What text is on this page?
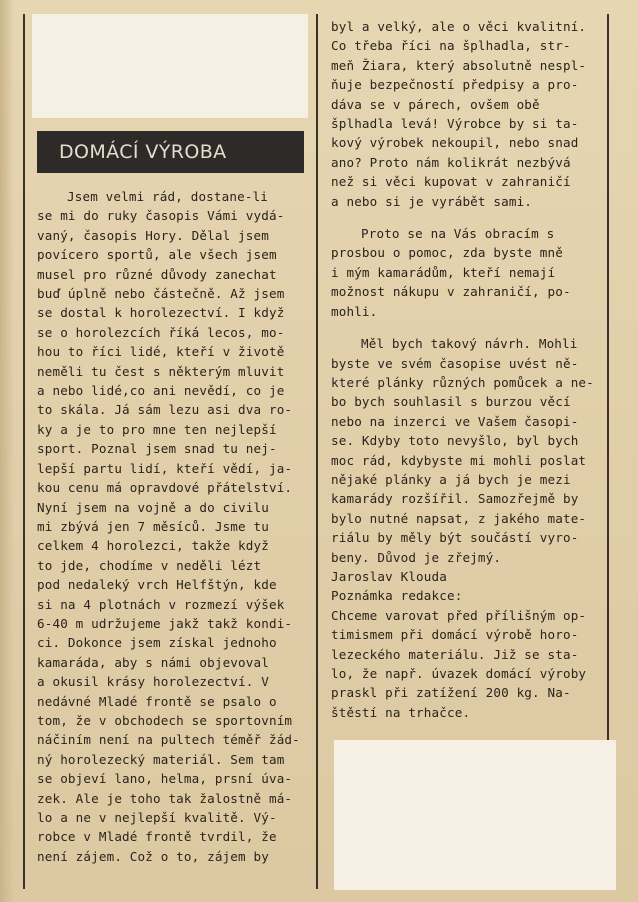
DOMÁCÍ VÝROBA
Jsem velmi rád, dostane-li
se mi do ruky časopis Vámi vydá-
vaný, časopis Hory. Dělal jsem
povícero sportů, ale všech jsem
musel pro různé důvody zanechat
buď úplně nebo částečně. Až jsem
se dostal k horolezectví. I když
se o horolezcích říká lecos, mo-
hou to říci lidé, kteří v životě
neměli tu čest s některým mluvit
a nebo lidé,co ani nevědí, co je
to skála. Já sám lezu asi dva ro-
ky a je to pro mne ten nejlepší
sport. Poznal jsem snad tu nej-
lepší partu lidí, kteří vědí, ja-
kou cenu má opravdové přátelství.
Nyní jsem na vojně a do civilu
mi zbývá jen 7 měsíců. Jsme tu
celkem 4 horolezci, takže když
to jde, chodíme v neděli lézt
pod nedaleký vrch Helfštýn, kde
si na 4 plotnách v rozmezí výšek
6-40 m udržujeme jakž takž kondi-
ci. Dokonce jsem získal jednoho
kamaráda, aby s námi objevoval
a okusil krásy horolezectví. V
nedávné Mladé frontě se psalo o
tom, že v obchodech se sportovním
náčiním není na pultech téměř žád-
ný horolezecký materiál. Sem tam
se objeví lano, helma, prsní úva-
zek. Ale je toho tak žalostně má-
lo a ne v nejlepší kvalitě. Vý-
robce v Mladé frontě tvrdil, že
není zájem. Což o to, zájem by
byl a velký, ale o věci kvalitní.
Co třeba říci na šplhadla, str-
meň Žiara, který absolutně nespl-
ňuje bezpečností předpisy a pro-
dáva se v párech, ovšem obě
šplhadla levá! Výrobce by si ta-
kový výrobek nekoupil, nebo snad
ano? Proto nám kolikrát nezbývá
než si věci kupovat v zahraničí
a nebo si je vyrábět sami.
Proto se na Vás obracím s
prosbou o pomoc, zda byste mně
i mým kamarádům, kteří nemají
možnost nákupu v zahraničí, po-
mohli.
Měl bych takový návrh. Mohli
byste ve svém časopise uvést ně-
které plánky různých pomůcek a ne-
bo bych souhlasil s burzou věcí
nebo na inzerci ve Vašem časopi-
se. Kdyby toto nevyšlo, byl bych
moc rád, kdybyste mi mohli poslat
nějaké plánky a já bych je mezi
kamarády rozšířil. Samozřejmě by
bylo nutné napsat, z jakého mate-
riálu by měly být součástí vyro-
beny. Důvod je zřejmý.
Jaroslav Klouda
Poznámka redakce:
Chceme varovat před přílišným op-
timismem při domácí výrobě horo-
lezeckého materiálu. Již se sta-
lo, že např. úvazek domácí výroby
praskl při zatížení 200 kg. Na-
štěstí na trhačce.
